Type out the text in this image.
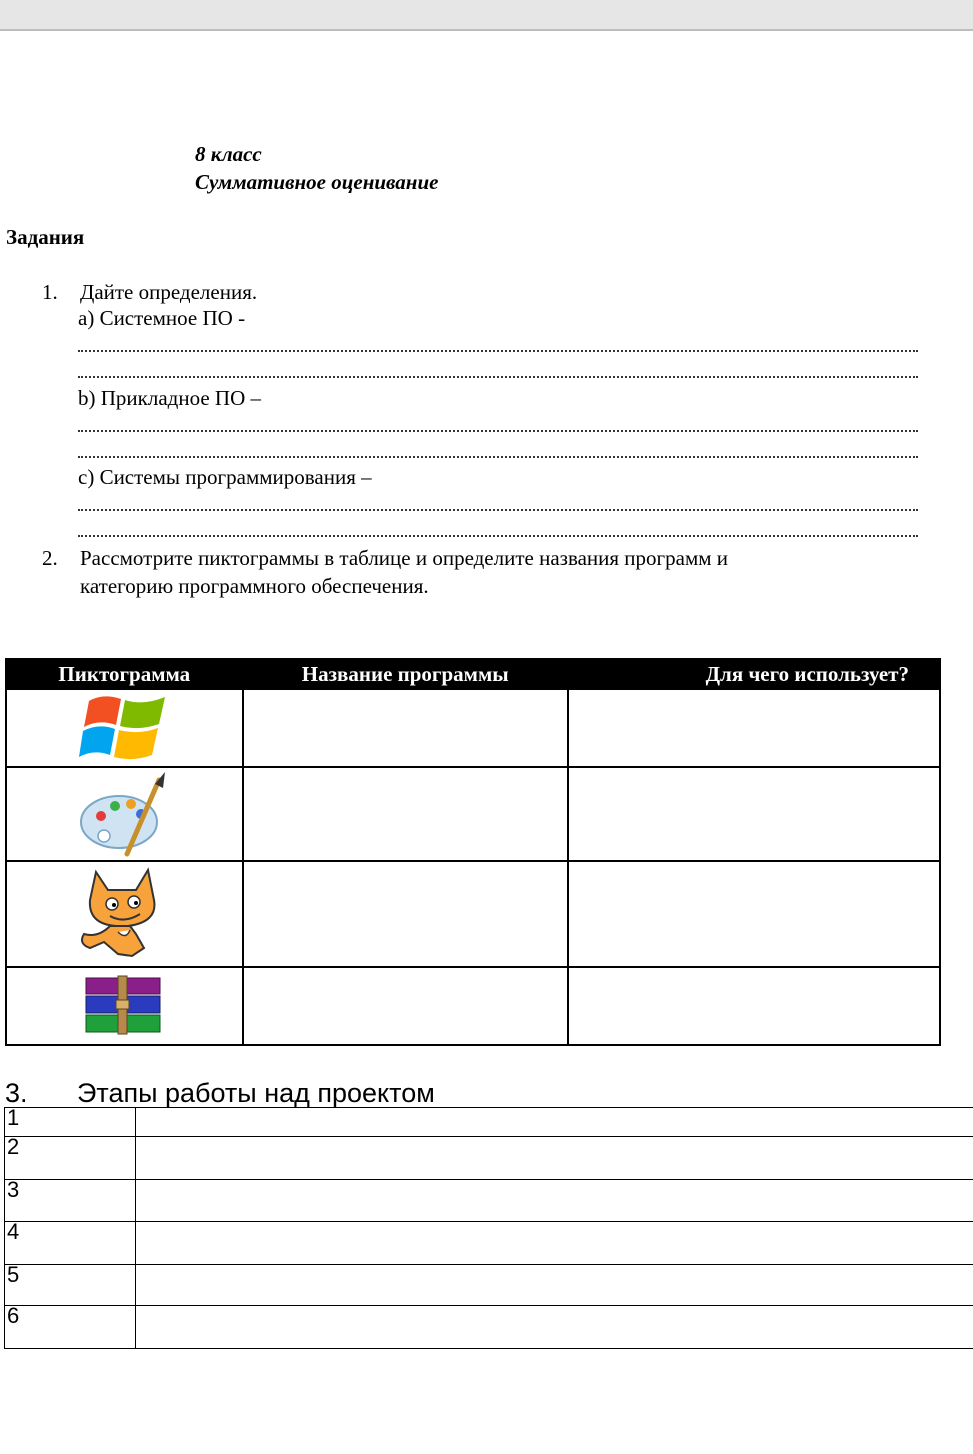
8 класс
Суммативное оценивание
Задания
1. Дайте определения.
a) Системное ПО -
b) Прикладное ПО –
c) Системы программирования –
2. Рассмотрите пиктограммы в таблице и определите названия программ и
категорию программного обеспечения.
Пиктограмма	Название программы	Для чего использует?

3. Этапы работы над проектом
1	
2	
3	
4	
5	
6	
